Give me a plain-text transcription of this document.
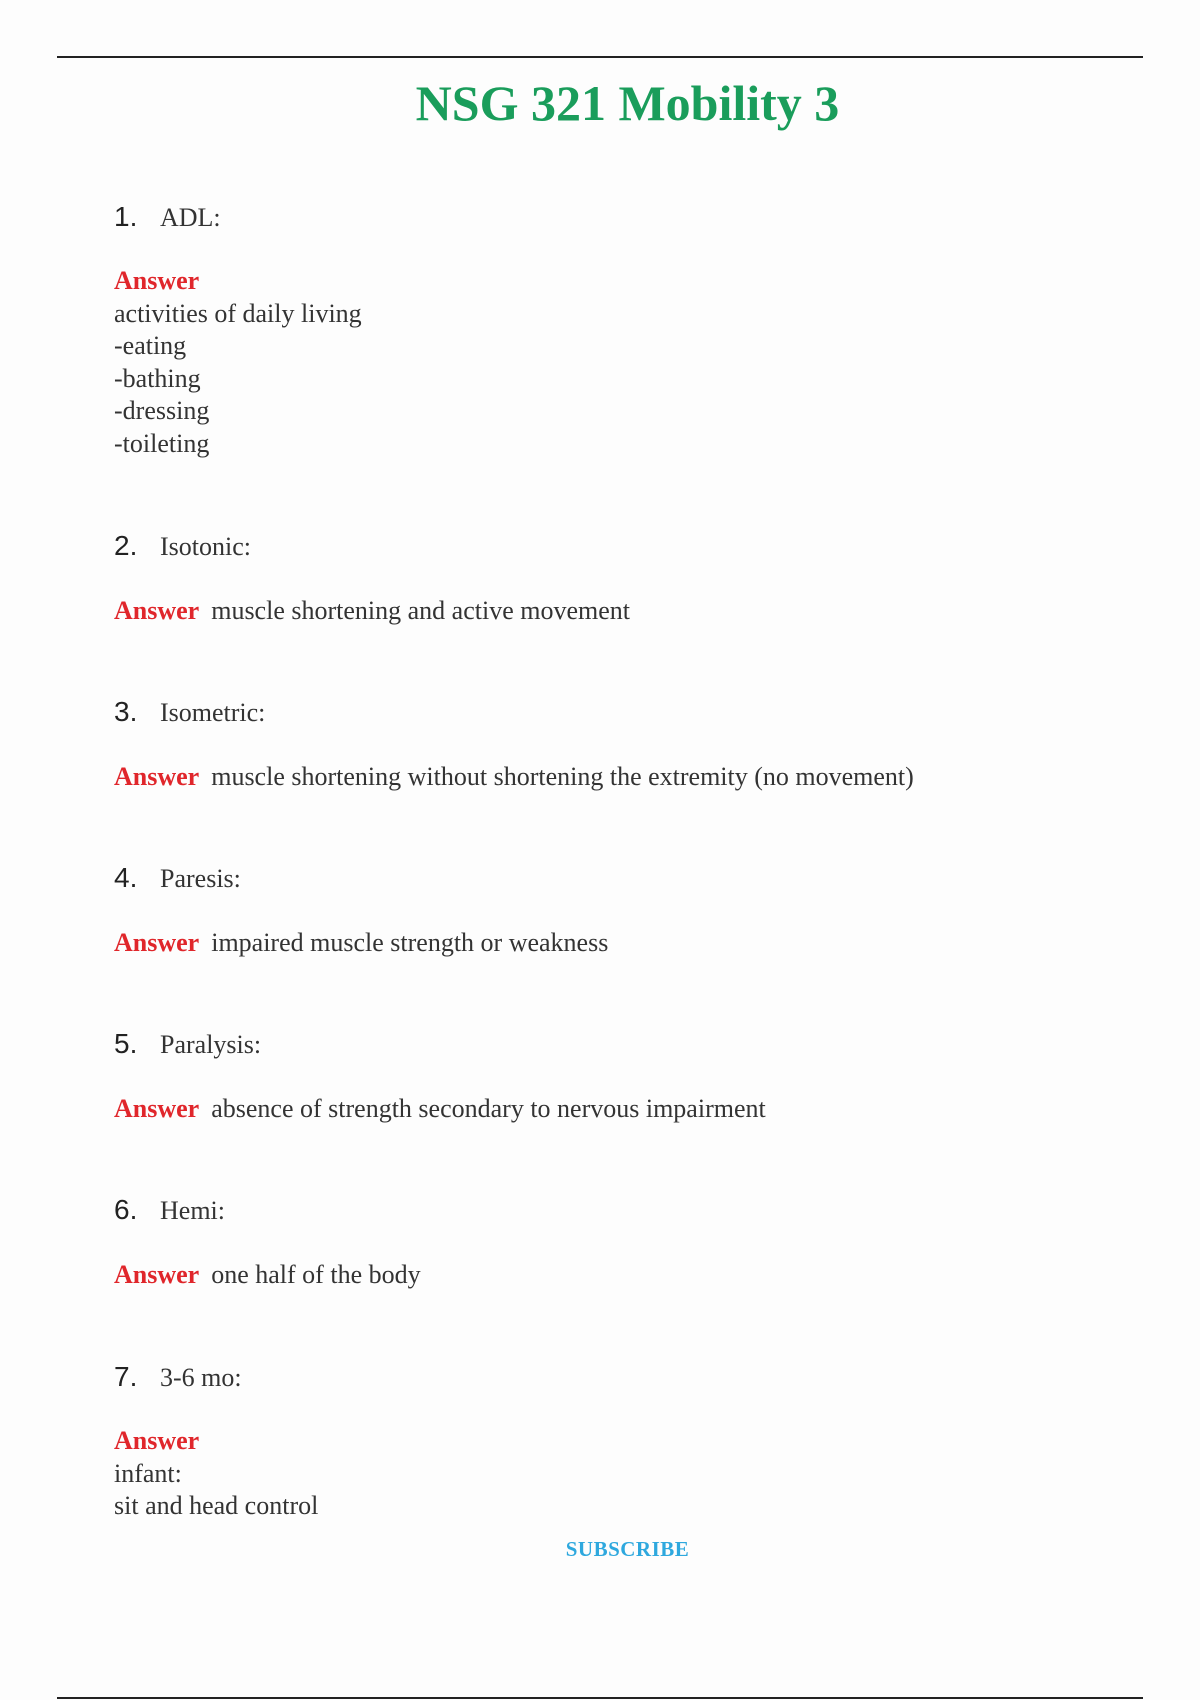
NSG 321 Mobility 3
1. ADL:
Answer
activities of daily living
-eating
-bathing
-dressing
-toileting
2. Isotonic:
Answer muscle shortening and active movement
3. Isometric:
Answer muscle shortening without shortening the extremity (no movement)
4. Paresis:
Answer impaired muscle strength or weakness
5. Paralysis:
Answer absence of strength secondary to nervous impairment
6. Hemi:
Answer one half of the body
7. 3-6 mo:
Answer
infant:
sit and head control
SUBSCRIBE
